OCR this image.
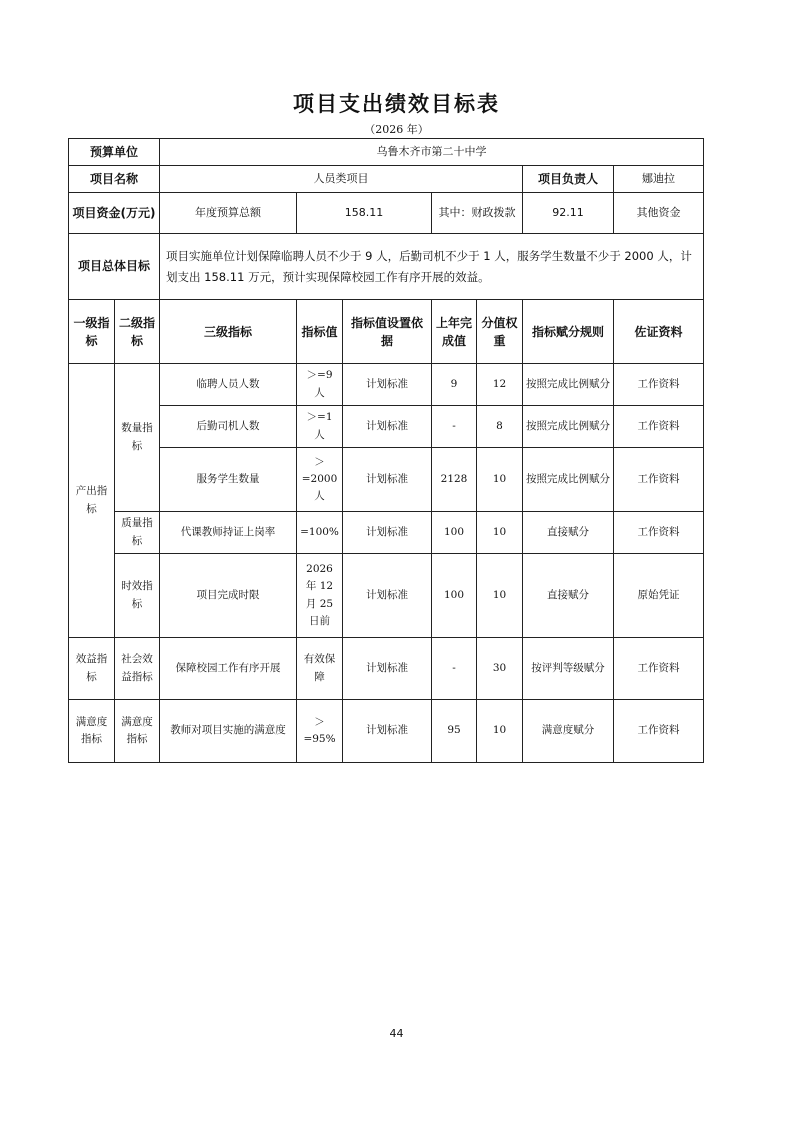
项目支出绩效目标表
（2026 年）
预算单位		乌鲁木齐市第二十中学						
项目名称		人员类项目					项目负责人	娜迪拉
项目资金(万元)		年度预算总额	158.11		其中：财政拨款		92.11	其他资金
项目总体目标		项目实施单位计划保障临聘人员不少于 9 人，后勤司机不少于 1 人，服务学生数量不少于 2000 人，计划支出 158.11 万元，预计实现保障校园工作有序开展的效益。						
一级指标	二级指标	三级指标	指标值	指标值设置依据	上年完成值	分值权重	指标赋分规则	佐证资料
产出指标	数量指标	临聘人员人数	＞=9 人	计划标准	9	12	按照完成比例赋分	工作资料
		后勤司机人数	＞=1 人	计划标准	-	8	按照完成比例赋分	工作资料
		服务学生数量	＞ =2000 人	计划标准	2128	10	按照完成比例赋分	工作资料
	质量指标	代课教师持证上岗率	=100%	计划标准	100	10	直接赋分	工作资料
	时效指标	项目完成时限	2026 年 12 月 25 日前	计划标准	100	10	直接赋分	原始凭证
效益指标	社会效益指标	保障校园工作有序开展	有效保障	计划标准	-	30	按评判等级赋分	工作资料
满意度指标	满意度指标	教师对项目实施的满意度	＞ =95%	计划标准	95	10	满意度赋分	工作资料
44
